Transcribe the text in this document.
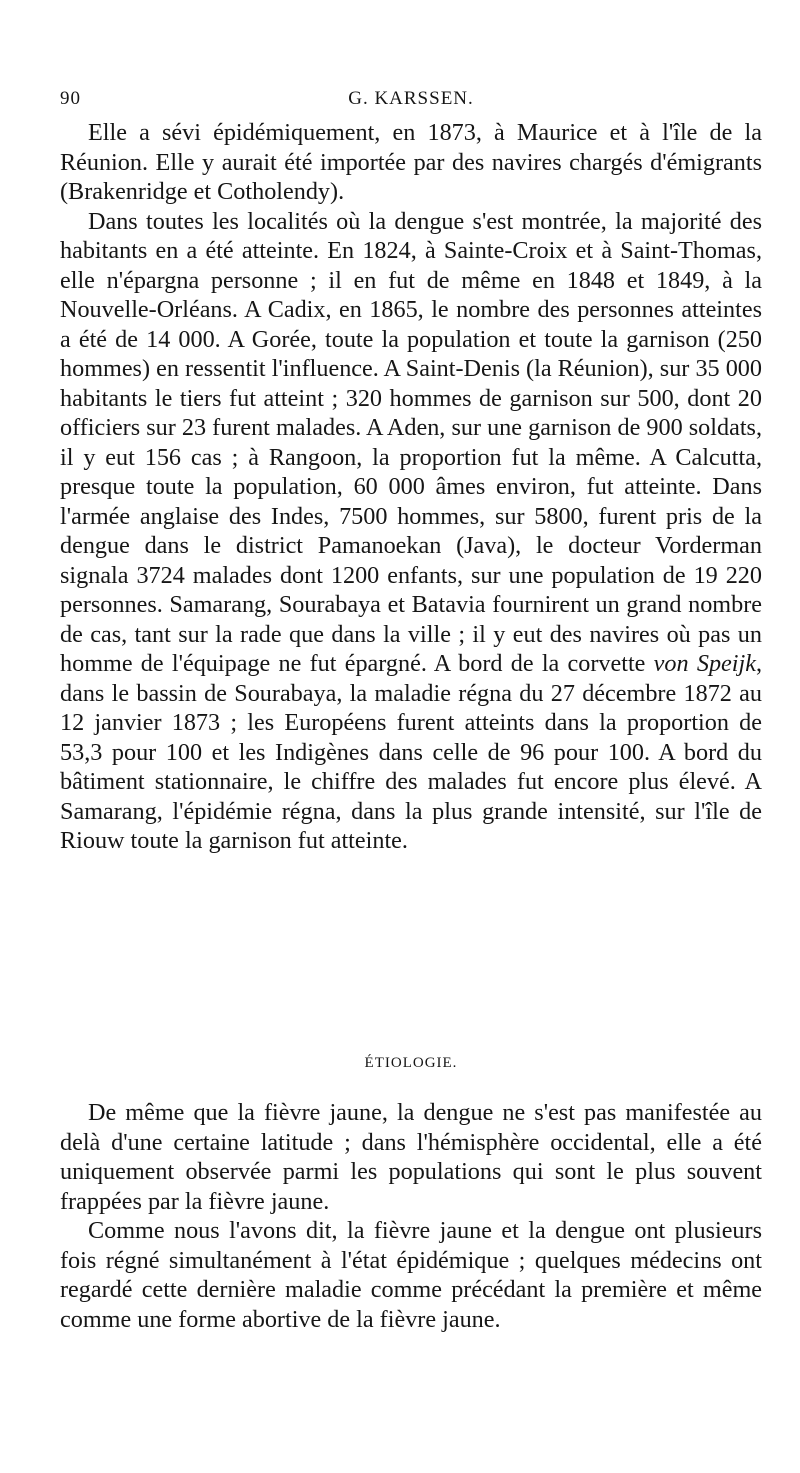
90	G. KARSSEN.

Elle a sévi épidémiquement, en 1873, à Maurice et à l'île de la Réunion. Elle y aurait été importée par des navires chargés d'émigrants (Brakenridge et Cotholendy).

Dans toutes les localités où la dengue s'est montrée, la majorité des habitants en a été atteinte. En 1824, à Sainte-Croix et à Saint-Thomas, elle n'épargna personne ; il en fut de même en 1848 et 1849, à la Nouvelle-Orléans. A Cadix, en 1865, le nombre des personnes atteintes a été de 14 000. A Gorée, toute la population et toute la garnison (250 hommes) en ressentit l'influence. A Saint-Denis (la Réunion), sur 35 000 habitants le tiers fut atteint ; 320 hommes de garnison sur 500, dont 20 officiers sur 23 furent malades. A Aden, sur une garnison de 900 soldats, il y eut 156 cas ; à Rangoon, la proportion fut la même. A Calcutta, presque toute la population, 60 000 âmes environ, fut atteinte. Dans l'armée anglaise des Indes, 7500 hommes, sur 5800, furent pris de la dengue dans le district Pamanoekan (Java), le docteur Vorderman signala 3724 malades dont 1200 enfants, sur une population de 19 220 personnes. Samarang, Sourabaya et Batavia fournirent un grand nombre de cas, tant sur la rade que dans la ville ; il y eut des navires où pas un homme de l'équipage ne fut épargné. A bord de la corvette von Speijk, dans le bassin de Sourabaya, la maladie régna du 27 décembre 1872 au 12 janvier 1873 ; les Européens furent atteints dans la proportion de 53,3 pour 100 et les Indigènes dans celle de 96 pour 100. A bord du bâtiment stationnaire, le chiffre des malades fut encore plus élevé. A Samarang, l'épidémie régna, dans la plus grande intensité, sur l'île de Riouw toute la garnison fut atteinte.

ÉTIOLOGIE.

De même que la fièvre jaune, la dengue ne s'est pas manifestée au delà d'une certaine latitude ; dans l'hémisphère occidental, elle a été uniquement observée parmi les populations qui sont le plus souvent frappées par la fièvre jaune.

Comme nous l'avons dit, la fièvre jaune et la dengue ont plusieurs fois régné simultanément à l'état épidémique ; quelques médecins ont regardé cette dernière maladie comme précédant la première et même comme une forme abortive de la fièvre jaune.
